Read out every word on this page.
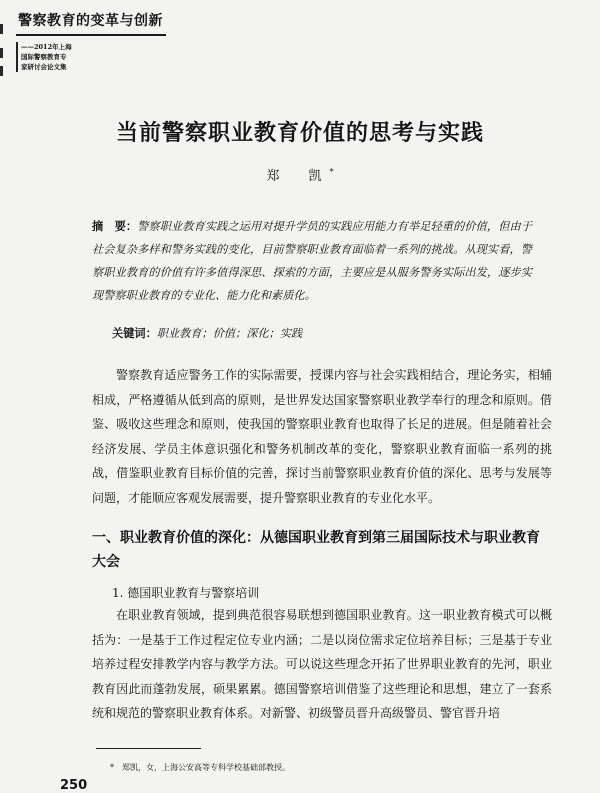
警察教育的变革与创新
——2012年上海
国际警察教育专
家研讨会论文集
当前警察职业教育价值的思考与实践
郑　凯*
摘　要：警察职业教育实践之运用对提升学员的实践应用能力有举足轻重的价值，但由于社会复杂多样和警务实践的变化，目前警察职业教育面临着一系列的挑战。从现实看，警察职业教育的价值有许多值得深思、探索的方面，主要应是从服务警务实际出发，逐步实现警察职业教育的专业化、能力化和素质化。
关键词：职业教育；价值；深化；实践
警察教育适应警务工作的实际需要，授课内容与社会实践相结合，理论务实，相辅相成，严格遵循从低到高的原则，是世界发达国家警察职业教学奉行的理念和原则。借鉴、吸收这些理念和原则，使我国的警察职业教育也取得了长足的进展。但是随着社会经济发展、学员主体意识强化和警务机制改革的变化，警察职业教育面临一系列的挑战，借鉴职业教育目标价值的完善，探讨当前警察职业教育价值的深化、思考与发展等问题，才能顺应客观发展需要，提升警察职业教育的专业化水平。
一、职业教育价值的深化：从德国职业教育到第三届国际技术与职业教育大会
1. 德国职业教育与警察培训
在职业教育领域，提到典范很容易联想到德国职业教育。这一职业教育模式可以概括为：一是基于工作过程定位专业内涵；二是以岗位需求定位培养目标；三是基于专业培养过程安排教学内容与教学方法。可以说这些理念开拓了世界职业教育的先河，职业教育因此而蓬勃发展，硕果累累。德国警察培训借鉴了这些理论和思想，建立了一套系统和规范的警察职业教育体系。对新警、初级警员晋升高级警员、警官晋升培
*　郑凯，女，上海公安高等专科学校基础部教授。
250
